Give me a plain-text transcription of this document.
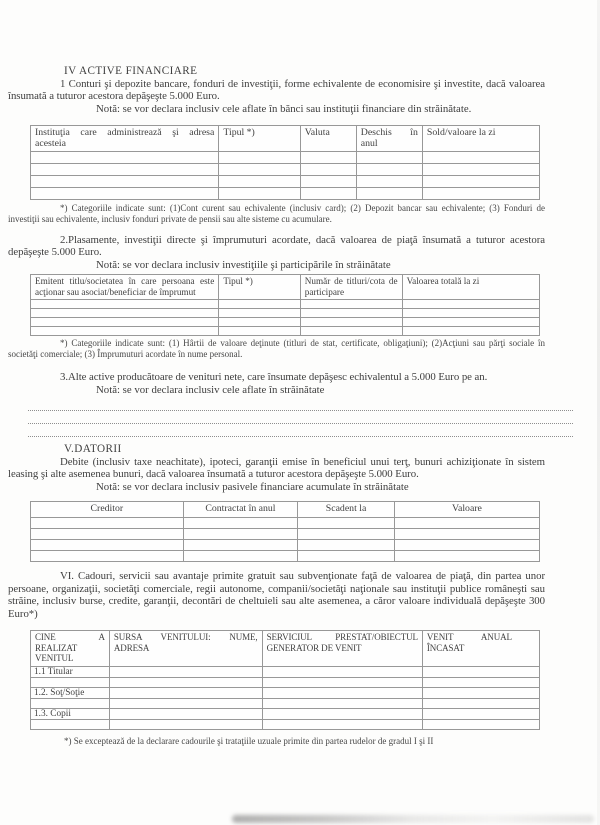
IV ACTIVE FINANCIARE

1 Conturi şi depozite bancare, fonduri de investiţii, forme echivalente de economisire şi investite, dacă valoarea însumată a tuturor acestora depăşeşte 5.000 Euro.

Notă: se vor declara inclusiv cele aflate în bănci sau instituţii financiare din străinătate.

Instituţia care administrează şi adresa acesteia	Tipul *)	Valuta	Deschis în anul	Sold/valoare la zi

*) Categoriile indicate sunt: (1)Cont curent sau echivalente (inclusiv card); (2) Depozit bancar sau echivalente; (3) Fonduri de investiţii sau echivalente, inclusiv fonduri private de pensii sau alte sisteme cu acumulare.

2.Plasamente, investiţii directe şi împrumuturi acordate, dacă valoarea de piaţă însumată a tuturor acestora depăşeşte 5.000 Euro.

Notă: se vor declara inclusiv investiţiile şi participările în străinătate

Emitent titlu/societatea în care persoana este acţionar sau asociat/beneficiar de împrumut	Tipul *)	Număr de titluri/cota de participare	Valoarea totală la zi

*) Categoriile indicate sunt: (1) Hârtii de valoare deţinute (titluri de stat, certificate, obligaţiuni); (2)Acţiuni sau părţi sociale în societăţi comerciale; (3) Împrumuturi acordate în nume personal.

3.Alte active producătoare de venituri nete, care însumate depăşesc echivalentul a 5.000 Euro pe an.

Notă: se vor declara inclusiv cele aflate în străinătate

V.DATORII

Debite (inclusiv taxe neachitate), ipoteci, garanţii emise în beneficiul unui terţ, bunuri achiziţionate în sistem leasing şi alte asemenea bunuri, dacă valoarea însumată a tuturor acestora depăşeşte 5.000 Euro.

Notă: se vor declara inclusiv pasivele financiare acumulate în străinătate

Creditor	Contractat în anul	Scadent la	Valoare

VI. Cadouri, servicii sau avantaje primite gratuit sau subvenţionate faţă de valoarea de piaţă, din partea unor persoane, organizaţii, societăţi comerciale, regii autonome, companii/societăţi naţionale sau instituţii publice româneşti sau străine, inclusiv burse, credite, garanţii, decontări de cheltuieli sau alte asemenea, a căror valoare individuală depăşeşte 300 Euro*)

CINE A REALIZAT VENITUL	SURSA VENITULUI: NUME, ADRESA	SERVICIUL PRESTAT/OBIECTUL GENERATOR DE VENIT	VENIT ANUAL ÎNCASAT

1.1 Titular			

1.2. Soţ/Soţie			

1.3. Copii			

*) Se exceptează de la declarare cadourile şi trataţiile uzuale primite din partea rudelor de gradul I şi II
